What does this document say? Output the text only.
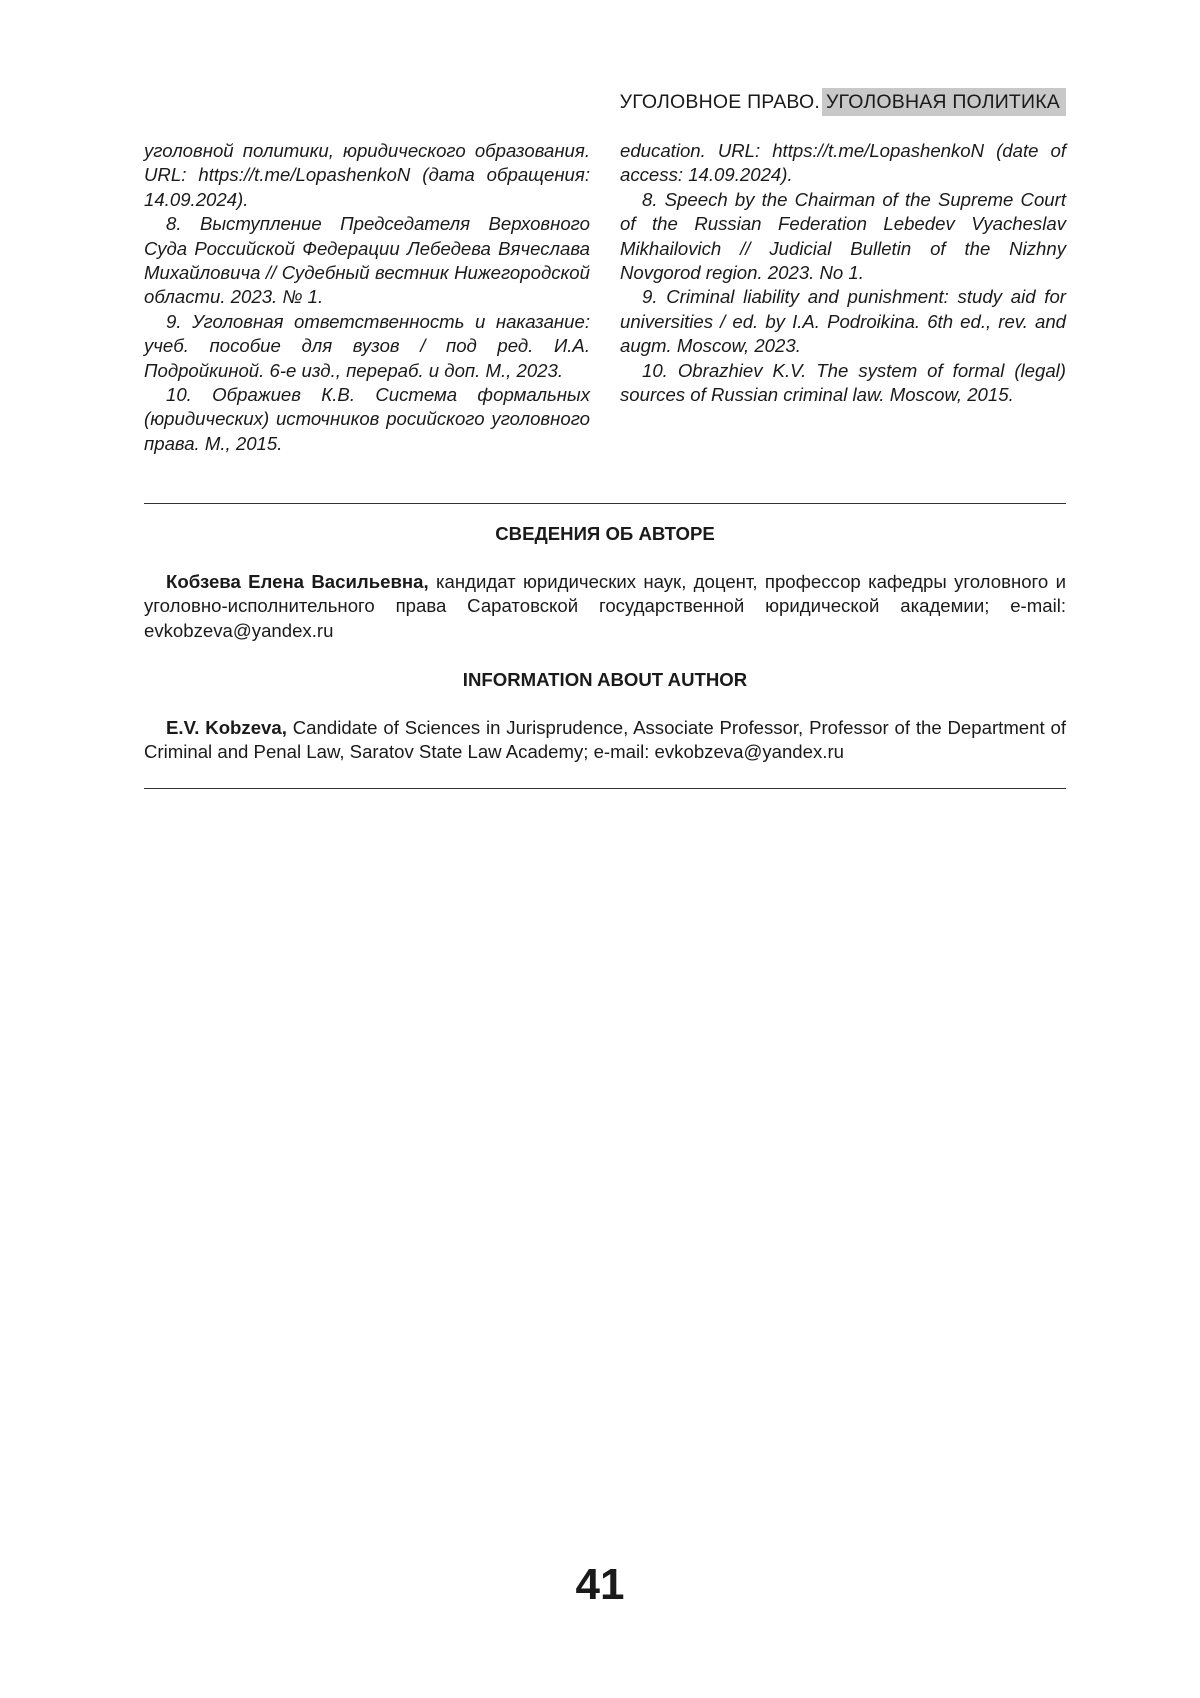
УГОЛОВНОЕ ПРАВО. УГОЛОВНАЯ ПОЛИТИКА

уголовной политики, юридического образования. URL: https://t.me/LopashenkoN (дата обращения: 14.09.2024).

8. Выступление Председателя Верховного Суда Российской Федерации Лебедева Вячеслава Михайловича // Судебный вестник Нижегородской области. 2023. № 1.

9. Уголовная ответственность и наказание: учеб. пособие для вузов / под ред. И.А. Подройкиной. 6-е изд., перераб. и доп. М., 2023.

10. Ображиев К.В. Система формальных (юридических) источников росийского уголовного права. М., 2015.

education. URL: https://t.me/LopashenkoN (date of access: 14.09.2024).

8. Speech by the Chairman of the Supreme Court of the Russian Federation Lebedev Vyacheslav Mikhailovich // Judicial Bulletin of the Nizhny Novgorod region. 2023. No 1.

9. Criminal liability and punishment: study aid for universities / ed. by I.A. Podroikina. 6th ed., rev. and augm. Moscow, 2023.

10. Obrazhiev K.V. The system of formal (legal) sources of Russian criminal law. Moscow, 2015.

СВЕДЕНИЯ ОБ АВТОРЕ

Кобзева Елена Васильевна, кандидат юридических наук, доцент, профессор кафедры уголовного и уголовно-исполнительного права Саратовской государственной юридической академии; e-mail: evkobzeva@yandex.ru

INFORMATION ABOUT AUTHOR

E.V. Kobzeva, Candidate of Sciences in Jurisprudence, Associate Professor, Professor of the Department of Criminal and Penal Law, Saratov State Law Academy; e-mail: evkobzeva@yandex.ru

41
